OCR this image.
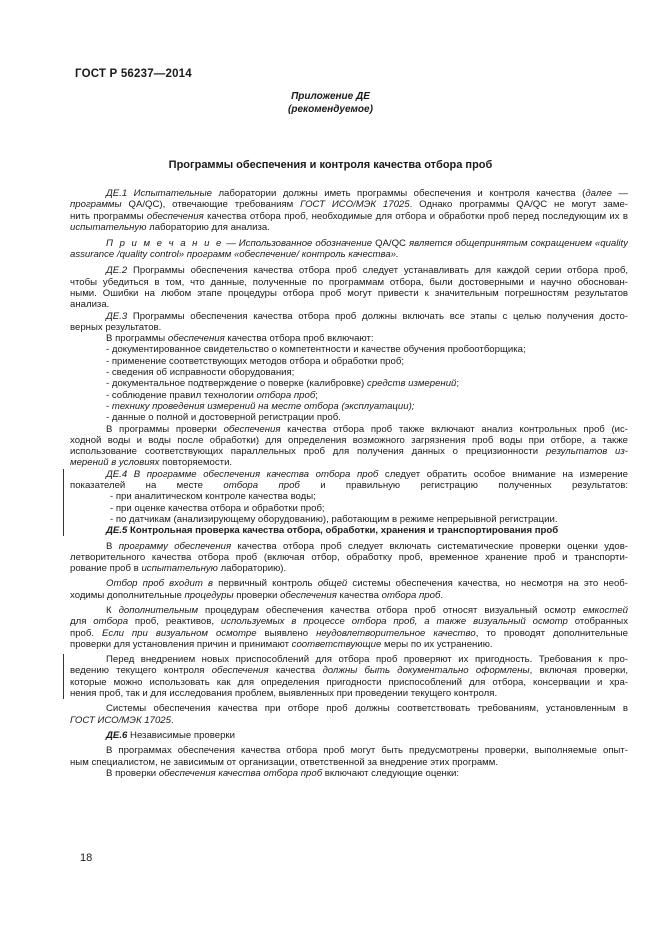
ГОСТ Р 56237—2014
Приложение ДЕ
(рекомендуемое)
Программы обеспечения и контроля качества отбора проб
ДЕ.1 Испытательные лаборатории должны иметь программы обеспечения и контроля качества (далее —
программы QA/QC), отвечающие требованиям ГОСТ ИСО/МЭК 17025. Однако программы QA/QC не могут заме-
нить программы обеспечения качества отбора проб, необходимые для отбора и обработки проб перед последующим их в испытательную лабораторию для анализа.
П р и м е ч а н и е — Использованное обозначение QA/QC является общепринятым сокращением «quality
assurance /quality control» программ «обеспечение/ контроль качества».
ДЕ.2 Программы обеспечения качества отбора проб следует устанавливать для каждой серии отбора проб,
чтобы убедиться в том, что данные, полученные по программам отбора, были достоверными и научно обоснован-
ными. Ошибки на любом этапе процедуры отбора проб могут привести к значительным погрешностям результатов
анализа.
ДЕ.3 Программы обеспечения качества отбора проб должны включать все этапы с целью получения досто-
верных результатов.
В программы обеспечения качества отбора проб включают:
- документированное свидетельство о компетентности и качестве обучения пробоотборщика;
- применение соответствующих методов отбора и обработки проб;
- сведения об исправности оборудования;
- документальное подтверждение о поверке (калибровке) средств измерений;
- соблюдение правил технологии отбора проб;
- технику проведения измерений на месте отбора (эксплуатации);
- данные о полной и достоверной регистрации проб.
В программы проверки обеспечения качества отбора проб также включают анализ контрольных проб (ис-
ходной воды и воды после обработки) для определения возможного загрязнения проб воды при отборе, а также
использование соответствующих параллельных проб для получения данных о прецизионности результатов из-
мерений в условиях повторяемости.
ДЕ.4 В программе обеспечения качества отбора проб следует обратить особое внимание на измерение
показателей на месте отбора проб и правильную регистрацию полученных результатов:
- при аналитическом контроле качества воды;
- при оценке качества отбора и обработки проб;
- по датчикам (анализирующему оборудованию), работающим в режиме непрерывной регистрации.
ДЕ.5 Контрольная проверка качества отбора, обработки, хранения и транспортирования проб
В программу обеспечения качества отбора проб следует включать систематические проверки оценки удов-
летворительного качества отбора проб (включая отбор, обработку проб, временное хранение проб и транспорти-
рование проб в испытательную лабораторию).
Отбор проб входит в первичный контроль общей системы обеспечения качества, но несмотря на это необ-
ходимы дополнительные процедуры проверки обеспечения качества отбора проб.
К дополнительным процедурам обеспечения качества отбора проб относят визуальный осмотр емкостей
для отбора проб, реактивов, используемых в процессе отбора проб, а также визуальный осмотр отобранных
проб. Если при визуальном осмотре выявлено неудовлетворительное качество, то проводят дополнительные
проверки для установления причин и принимают соответствующие меры по их устранению.
Перед внедрением новых приспособлений для отбора проб проверяют их пригодность. Требования к про-
ведению текущего контроля обеспечения качества должны быть документально оформлены, включая проверки,
которые можно использовать как для определения пригодности приспособлений для отбора, консервации и хра-
нения проб, так и для исследования проблем, выявленных при проведении текущего контроля.
Системы обеспечения качества при отборе проб должны соответствовать требованиям, установленным в
ГОСТ ИСО/МЭК 17025.
ДЕ.6 Независимые проверки
В программах обеспечения качества отбора проб могут быть предусмотрены проверки, выполняемые опыт-
ным специалистом, не зависимым от организации, ответственной за внедрение этих программ.
В проверки обеспечения качества отбора проб включают следующие оценки:
18
